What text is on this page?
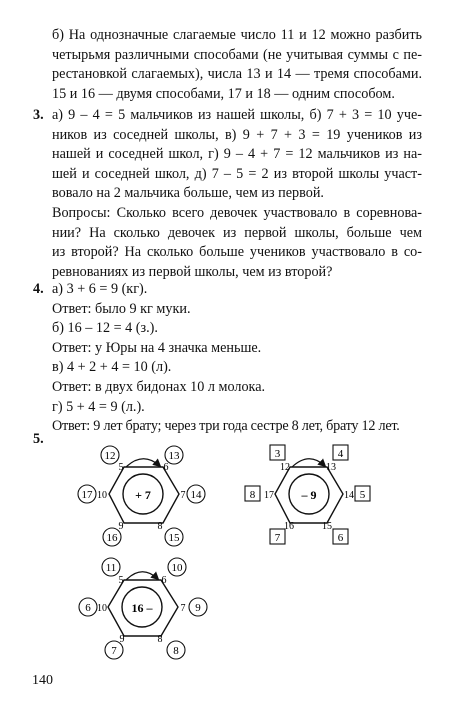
б) На однозначные слагаемые число 11 и 12 можно разбить
четырьмя различными способами (не учитывая суммы с пе-
рестановкой слагаемых), числа 13 и 14 — тремя способами.
15 и 16 — двумя способами, 17 и 18 — одним способом.
3. а) 9 – 4 = 5 мальчиков из нашей школы, б) 7 + 3 = 10 уче-
ников из соседней школы, в) 9 + 7 + 3 = 19 учеников из
нашей и соседней школ, г) 9 – 4 + 7 = 12 мальчиков из на-
шей и соседней школ, д) 7 – 5 = 2 из второй школы участ-
вовало на 2 мальчика больше, чем из первой.
Вопросы: Сколько всего девочек участвовало в соревнова-
нии? На сколько девочек из первой школы, больше чем
из второй? На сколько больше учеников участвовало в со-
ревнованиях из первой школы, чем из второй?
4. а) 3 + 6 = 9 (кг).
Ответ: было 9 кг муки.
б) 16 – 12 = 4 (з.).
Ответ: у Юры на 4 значка меньше.
в) 4 + 2 + 4 = 10 (л).
Ответ: в двух бидонах 10 л молока.
г) 5 + 4 = 9 (л.).
Ответ: 9 лет брату; через три года сестре 8 лет, брату 12 лет.
5.
+ 7
12	13
17	14
16	15
5	6
10	7
9	8
– 9
3	4
8	5
7	6
12	13
17	14
16	15
16 –
11	10
6	9
7	8
5	6
10	7
9	8
140
